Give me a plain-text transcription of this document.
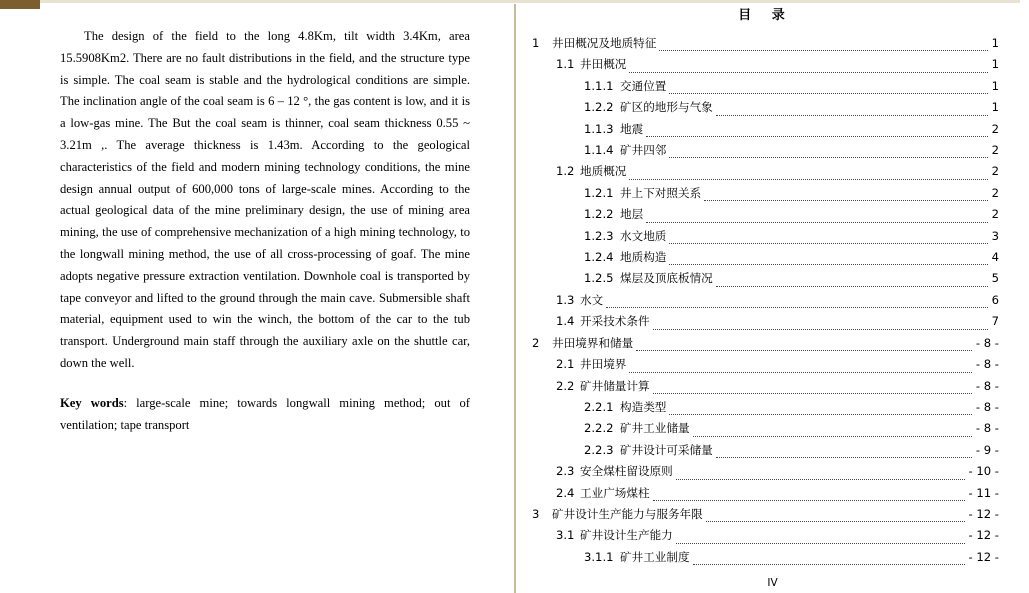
The design of the field to the long 4.8Km, tilt width 3.4Km, area 15.5908Km2. There are no fault distributions in the field, and the structure type is simple. The coal seam is stable and the hydrological conditions are simple. The inclination angle of the coal seam is 6 – 12 °, the gas content is low, and it is a low-gas mine. The But the coal seam is thinner, coal seam thickness 0.55 ~ 3.21m ,. The average thickness is 1.43m. According to the geological characteristics of the field and modern mining technology conditions, the mine design annual output of 600,000 tons of large-scale mines. According to the actual geological data of the mine preliminary design, the use of mining area mining, the use of comprehensive mechanization of a high mining technology, to the longwall mining method, the use of all cross-processing of goaf. The mine adopts negative pressure extraction ventilation. Downhole coal is transported by tape conveyor and lifted to the ground through the main cave. Submersible shaft material, equipment used to win the winch, the bottom of the car to the tub transport. Underground main staff through the auxiliary axle on the shuttle car, down the well.

Key words: large-scale mine; towards longwall mining method; out of ventilation; tape transport

目 录
1	井田概况及地质特征	1
1.1 井田概况	1
1.1.1 交通位置	1
1.2.2 矿区的地形与气象	1
1.1.3 地震	2
1.1.4 矿井四邻	2
1.2 地质概况	2
1.2.1 井上下对照关系	2
1.2.2 地层	2
1.2.3 水文地质	3
1.2.4 地质构造	4
1.2.5 煤层及顶底板情况	5
1.3 水文	6
1.4 开采技术条件	7
2	井田境界和储量	- 8 -
2.1 井田境界	- 8 -
2.2 矿井储量计算	- 8 -
2.2.1 构造类型	- 8 -
2.2.2 矿井工业储量	- 8 -
2.2.3 矿井设计可采储量	- 9 -
2.3 安全煤柱留设原则	- 10 -
2.4 工业广场煤柱	- 11 -
3	矿井设计生产能力与服务年限	- 12 -
3.1 矿井设计生产能力	- 12 -
3.1.1 矿井工业制度	- 12 -
IV
